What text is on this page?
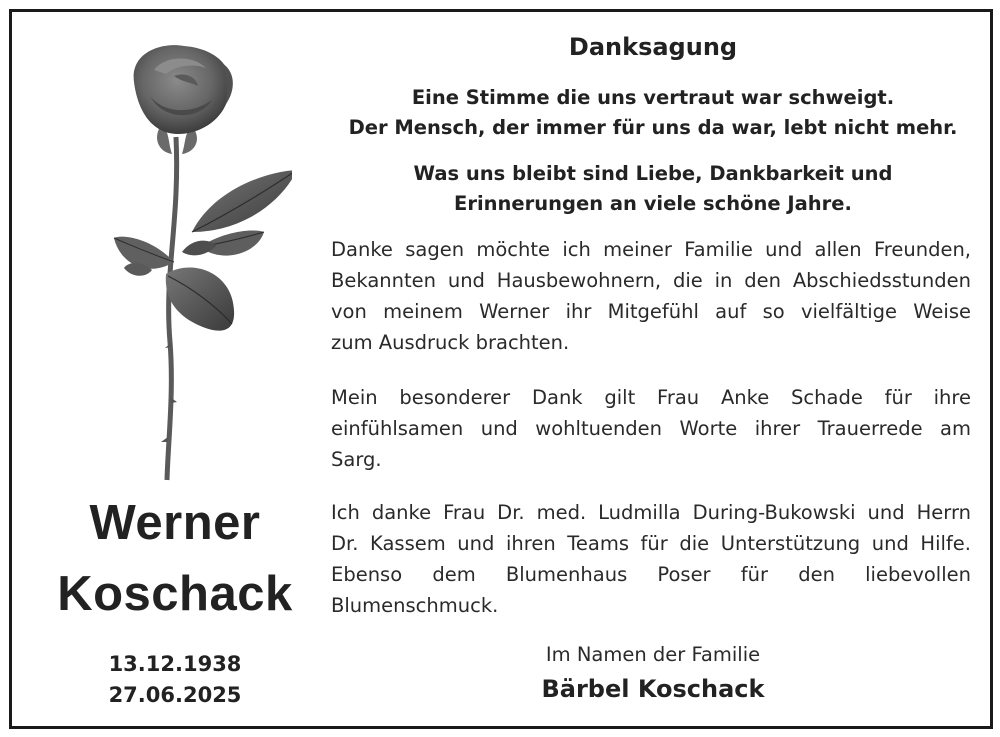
Werner
Koschack
13.12.1938
27.06.2025
Danksagung
Eine Stimme die uns vertraut war schweigt.
Der Mensch, der immer für uns da war, lebt nicht mehr.
Was uns bleibt sind Liebe, Dankbarkeit und
Erinnerungen an viele schöne Jahre.
Danke sagen möchte ich meiner Familie und allen Freunden,
Bekannten und Hausbewohnern, die in den Abschiedsstunden
von meinem Werner ihr Mitgefühl auf so vielfältige Weise
zum Ausdruck brachten.
Mein besonderer Dank gilt Frau Anke Schade für ihre
einfühlsamen und wohltuenden Worte ihrer Trauerrede am
Sarg.
Ich danke Frau Dr. med. Ludmilla During-Bukowski und Herrn
Dr. Kassem und ihren Teams für die Unterstützung und Hilfe.
Ebenso dem Blumenhaus Poser für den liebevollen
Blumenschmuck.
Im Namen der Familie
Bärbel Koschack
